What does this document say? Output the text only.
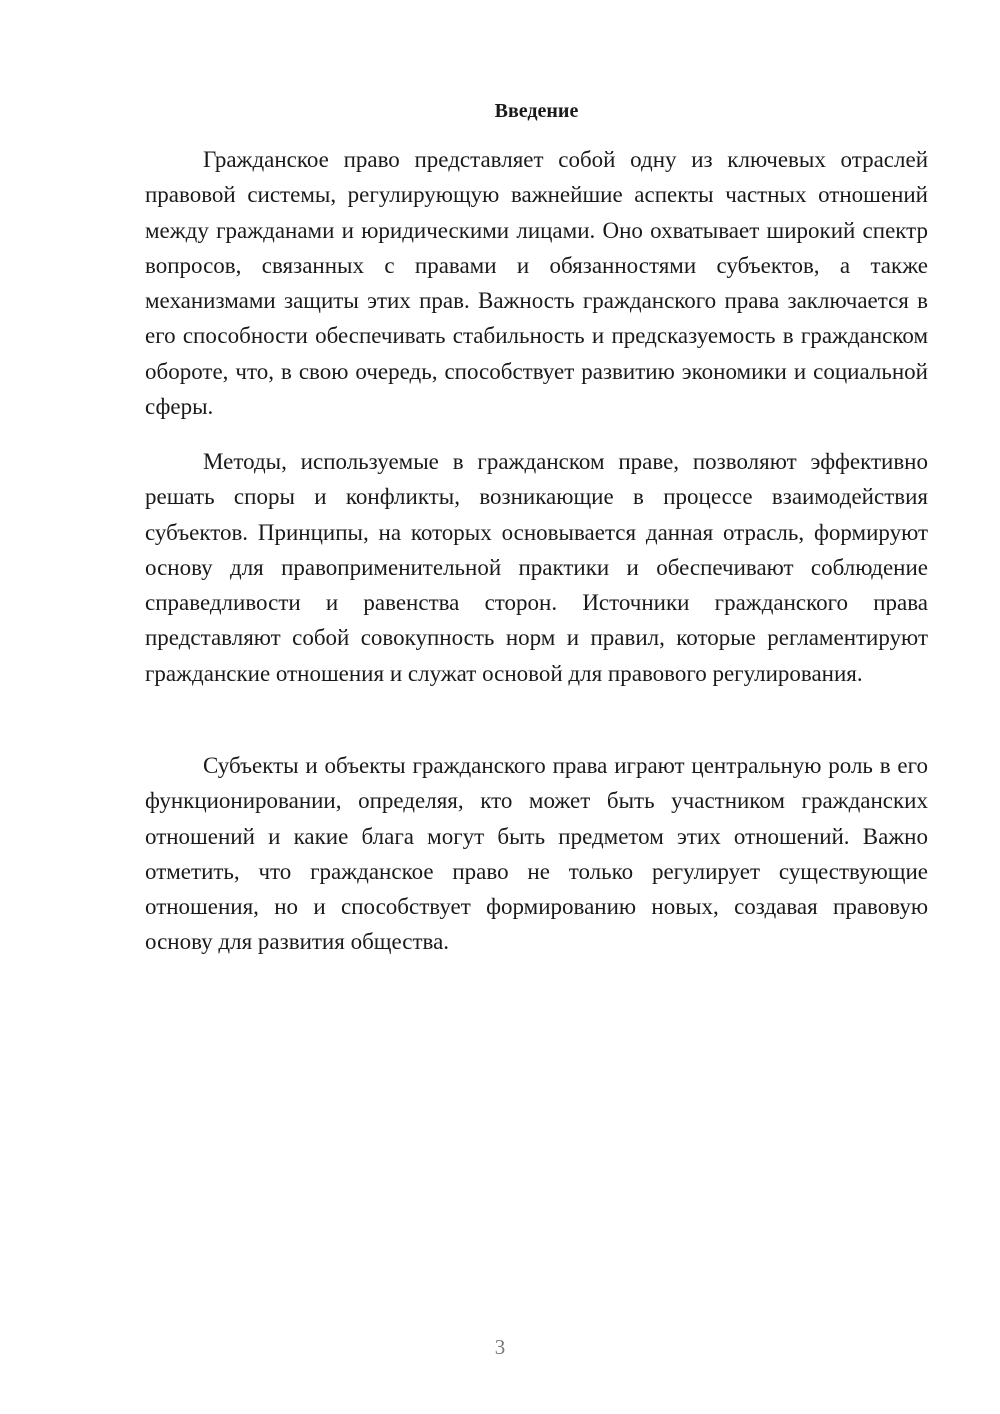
Введение

Гражданское право представляет собой одну из ключевых отраслей правовой системы, регулирующую важнейшие аспекты частных отношений между гражданами и юридическими лицами. Оно охватывает широкий спектр вопросов, связанных с правами и обязанностями субъектов, а также механизмами защиты этих прав. Важность гражданского права заключается в его способности обеспечивать стабильность и предсказуемость в гражданском обороте, что, в свою очередь, способствует развитию экономики и социальной сферы.

Методы, используемые в гражданском праве, позволяют эффективно решать споры и конфликты, возникающие в процессе взаимодействия субъектов. Принципы, на которых основывается данная отрасль, формируют основу для правоприменительной практики и обеспечивают соблюдение справедливости и равенства сторон. Источники гражданского права представляют собой совокупность норм и правил, которые регламентируют гражданские отношения и служат основой для правового регулирования.

Субъекты и объекты гражданского права играют центральную роль в его функционировании, определяя, кто может быть участником гражданских отношений и какие блага могут быть предметом этих отношений. Важно отметить, что гражданское право не только регулирует существующие отношения, но и способствует формированию новых, создавая правовую основу для развития общества.

3
